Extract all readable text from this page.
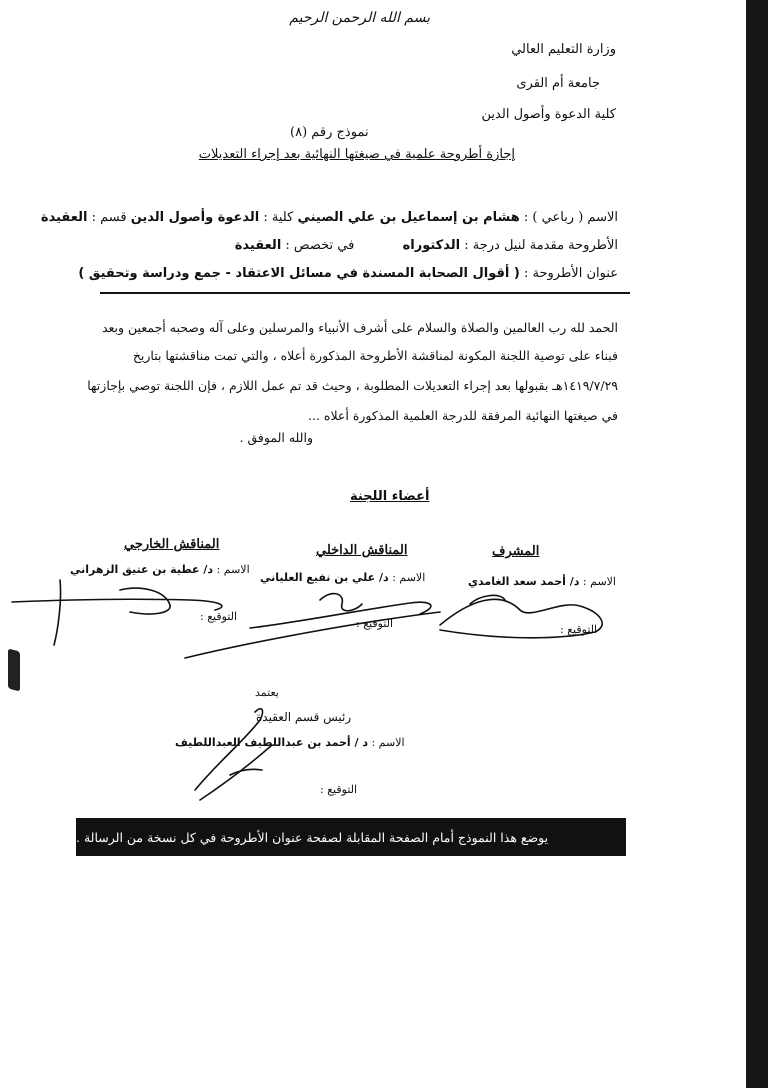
بسم الله الرحمن الرحيم
وزارة التعليم العالي
جامعة أم القرى
كلية الدعوة وأصول الدين
نموذج رقم (٨)
إجازة أطروحة علمية في صيغتها النهائية بعد إجراء التعديلات
الاسم ( رباعي ) : هشام بن إسماعيل بن علي الصيني كلية : الدعوة وأصول الدين قسم : العقيدة
الأطروحة مقدمة لنيل درجة : الدكتوراه  في تخصص : العقيدة
عنوان الأطروحة : ( أقوال الصحابة المسندة في مسائل الاعتقاد - جمع ودراسة وتحقيق )
الحمد لله رب العالمين والصلاة والسلام على أشرف الأنبياء والمرسلين وعلى آله وصحبه أجمعين وبعد
فبناء على توصية اللجنة المكونة لمناقشة الأطروحة المذكورة أعلاه ، والتي تمت مناقشتها بتاريخ
١٤١٩/٧/٢٩هـ بقبولها بعد إجراء التعديلات المطلوبة ، وحيث قد تم عمل اللازم ، فإن اللجنة توصي بإجازتها
في صيغتها النهائية المرفقة للدرجة العلمية المذكورة أعلاه ...
والله الموفق .
أعضاء اللجنة
المشرف
الاسم : د/ أحمد سعد الغامدي
التوقيع :
المناقش الداخلي
الاسم : د/ علي بن نفيع العلياني
التوقيع :
المناقش الخارجي
الاسم : د/ عطية بن عتيق الزهراني
التوقيع :
يعتمد
رئيس قسم العقيدة
الاسم : د / أحمد بن عبداللطيف العبداللطيف
التوقيع :
يوضع هذا النموذج أمام الصفحة المقابلة لصفحة عنوان الأطروحة في كل نسخة من الرسالة .
